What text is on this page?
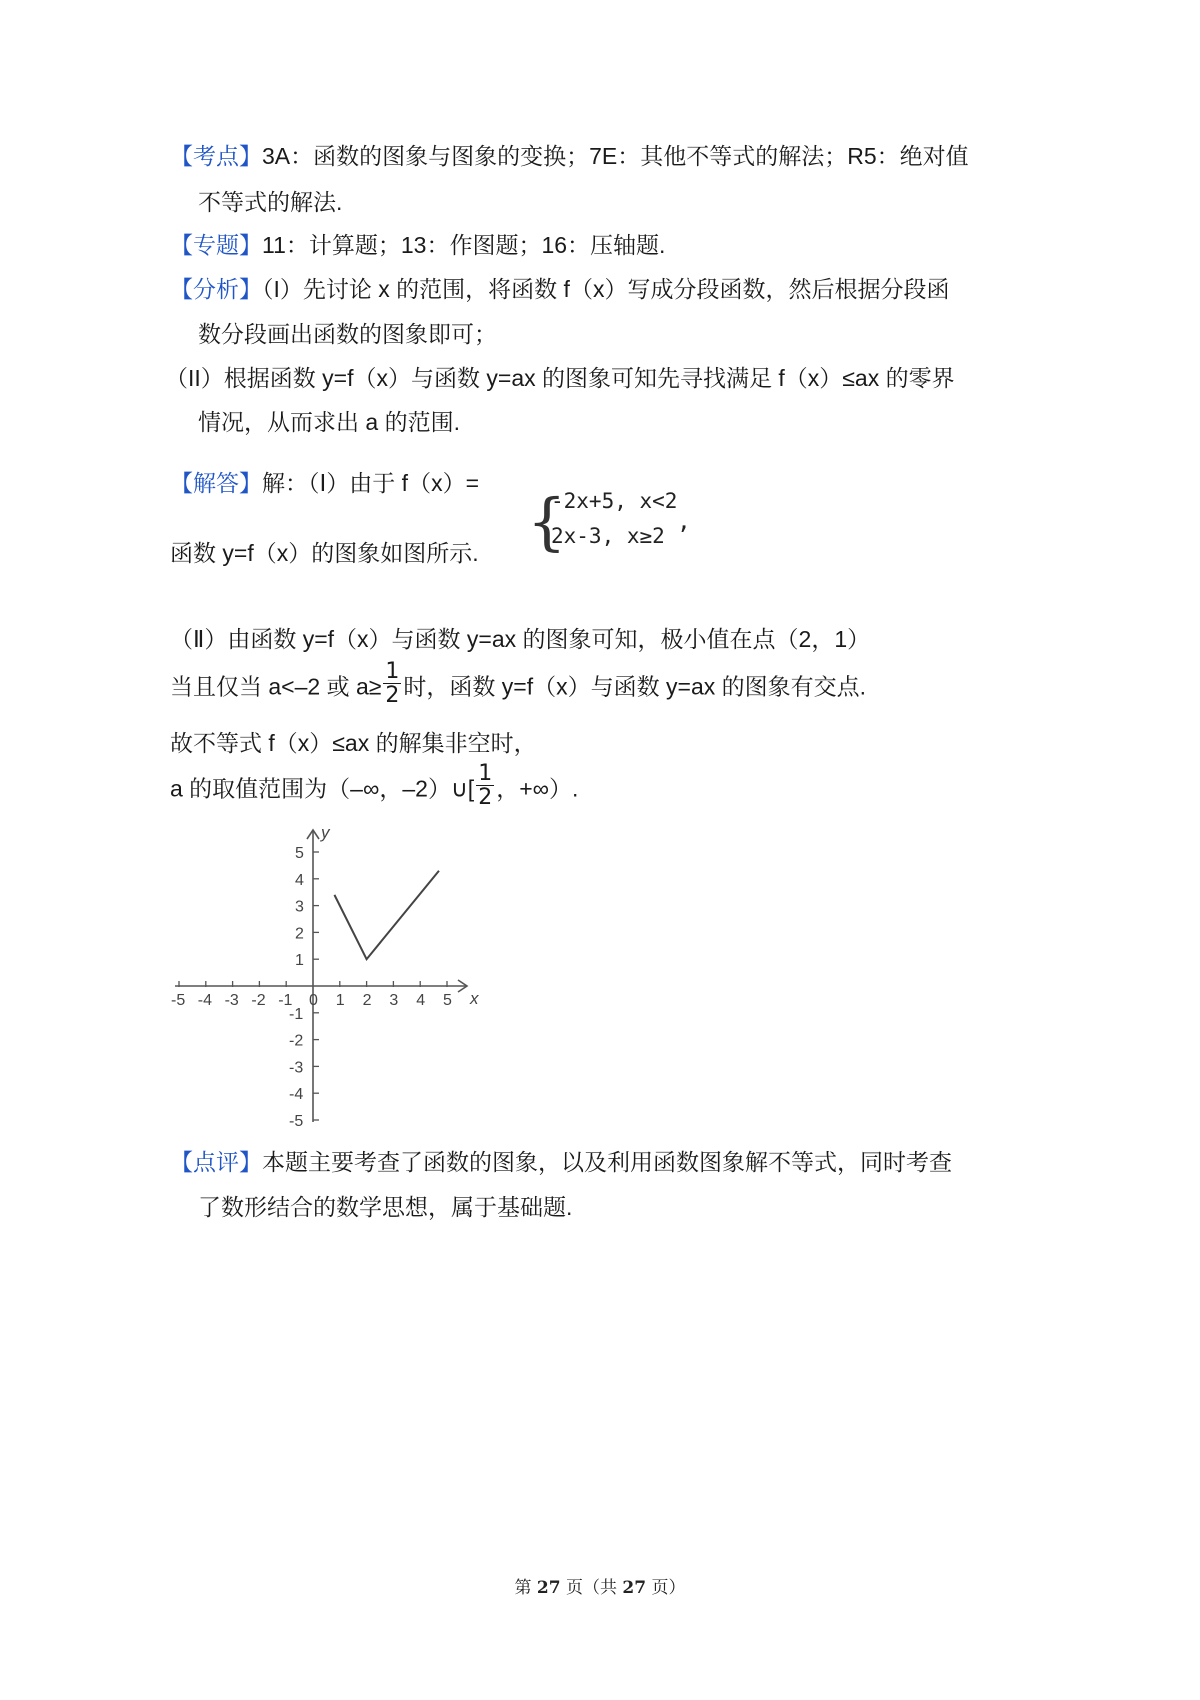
【考点】3A：函数的图象与图象的变换；7E：其他不等式的解法；R5：绝对值
不等式的解法.
【专题】11：计算题；13：作图题；16：压轴题.
【分析】（I）先讨论 x 的范围，将函数 f（x）写成分段函数，然后根据分段函
数分段画出函数的图象即可；
（II）根据函数 y=f（x）与函数 y=ax 的图象可知先寻找满足 f（x）≤ax 的零界
情况，从而求出 a 的范围.
【解答】解：（Ⅰ）由于 f（x）=
{
-2x+5, x<2
2x-3, x≥2
,
函数 y=f（x）的图象如图所示.
（Ⅱ）由函数 y=f（x）与函数 y=ax 的图象可知，极小值在点（2，1）
当且仅当 a<–2 或 $a\ge \frac{1}{2}$ 时，函数 y=f（x）与函数 y=ax 的图象有交点.
故不等式 f（x）≤ax 的解集非空时，
a 的取值范围为（–∞，–2）∪[ $\frac{1}{2}$ ，+∞）.
x
y
-5 -4 -3 -2 -1 0 1 2 3 4 5
5
4
3
2
1
-1
-2
-3
-4
-5
【点评】本题主要考查了函数的图象，以及利用函数图象解不等式，同时考查
了数形结合的数学思想，属于基础题.
第 27 页（共 27 页）
